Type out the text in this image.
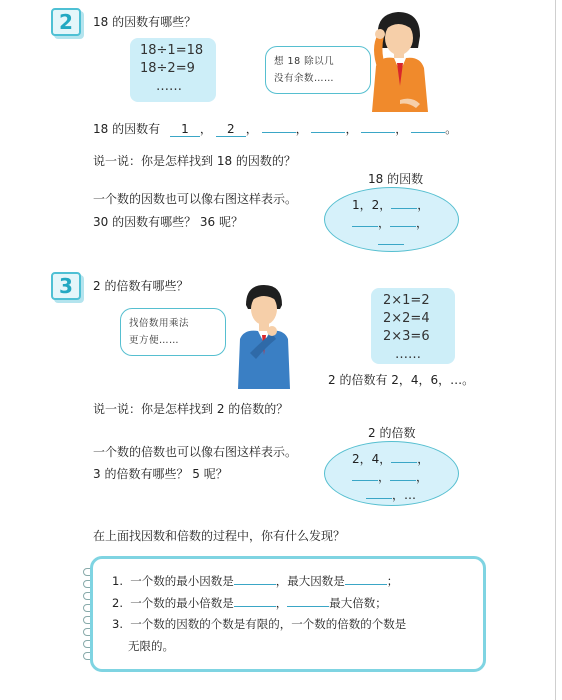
2	18 的因数有哪些？
18÷1=18
18÷2=9
……
想 18 除以几
没有余数……
18 的因数有 1 ， 2 ，	，	，	，	。
说一说：你是怎样找到 18 的因数的？
18 的因数
一个数的因数也可以像右图这样表示。
30 的因数有哪些？ 36 呢？
1，2， ，
， ，
3	2 的倍数有哪些？
找倍数用乘法
更方便……
2×1=2
2×2=4
2×3=6
……
2 的倍数有 2，4，6，…。
说一说：你是怎样找到 2 的倍数的？
2 的倍数
一个数的倍数也可以像右图这样表示。
3 的倍数有哪些？ 5 呢？
2，4， ，
， ，
，…
在上面找因数和倍数的过程中，你有什么发现？
1. 一个数的最小因数是	，最大因数是	；
2. 一个数的最小倍数是	，	最大倍数；
3. 一个数的因数的个数是有限的，一个数的倍数的个数是
无限的。
